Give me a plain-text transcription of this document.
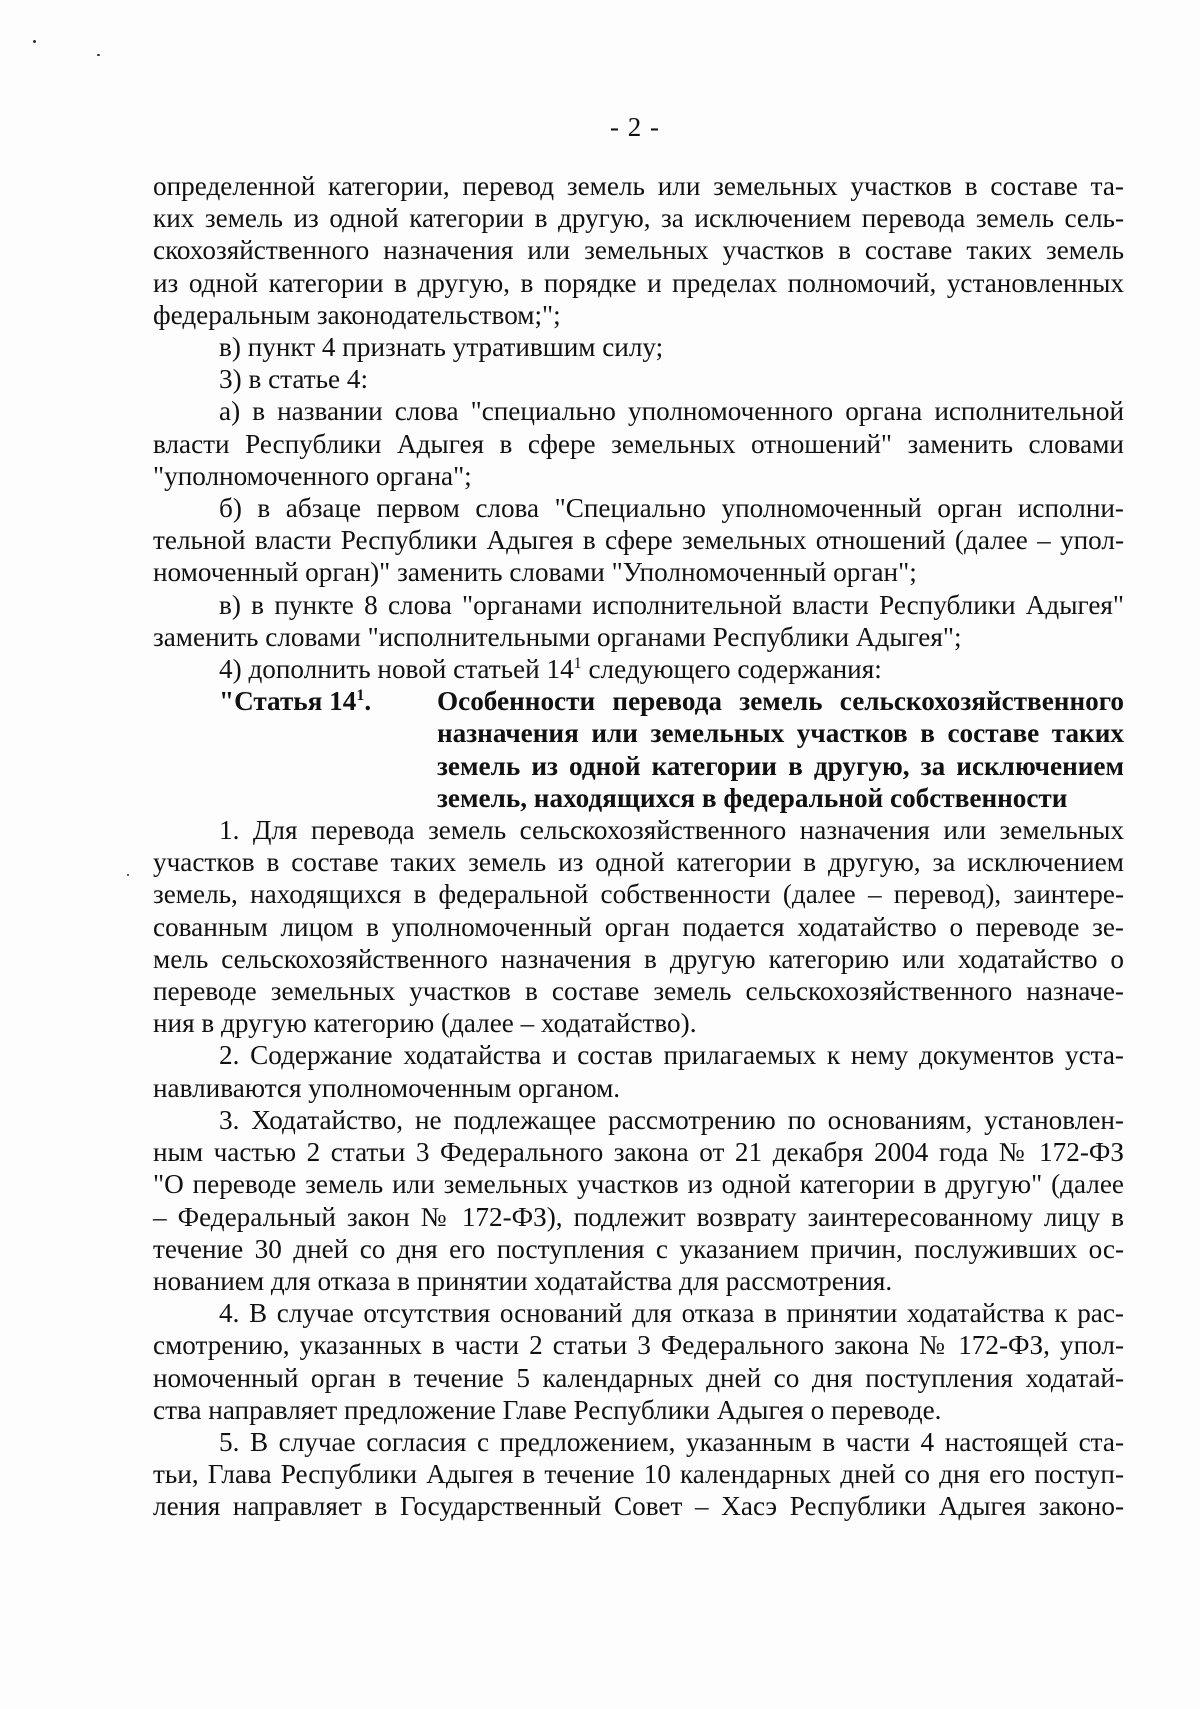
- 2 -

определенной категории, перевод земель или земельных участков в составе та-

ких земель из одной категории в другую, за исключением перевода земель сель-

скохозяйственного назначения или земельных участков в составе таких земель

из одной категории в другую, в порядке и пределах полномочий, установленных

федеральным законодательством;";

в) пункт 4 признать утратившим силу;

3) в статье 4:

а) в названии слова "специально уполномоченного органа исполнительной

власти Республики Адыгея в сфере земельных отношений" заменить словами

"уполномоченного органа";

б) в абзаце первом слова "Специально уполномоченный орган исполни-

тельной власти Республики Адыгея в сфере земельных отношений (далее – упол-

номоченный орган)" заменить словами "Уполномоченный орган";

в) в пункте 8 слова "органами исполнительной власти Республики Адыгея"

заменить словами "исполнительными органами Республики Адыгея";

4) дополнить новой статьей $14^1$ следующего содержания:

"Статья $14^1$.	Особенности перевода земель сельскохозяйственного

назначения или земельных участков в составе таких

земель из одной категории в другую, за исключением

земель, находящихся в федеральной собственности

1. Для перевода земель сельскохозяйственного назначения или земельных

участков в составе таких земель из одной категории в другую, за исключением

земель, находящихся в федеральной собственности (далее – перевод), заинтере-

сованным лицом в уполномоченный орган подается ходатайство о переводе зе-

мель сельскохозяйственного назначения в другую категорию или ходатайство о

переводе земельных участков в составе земель сельскохозяйственного назначе-

ния в другую категорию (далее – ходатайство).

2. Содержание ходатайства и состав прилагаемых к нему документов уста-

навливаются уполномоченным органом.

3. Ходатайство, не подлежащее рассмотрению по основаниям, установлен-

ным частью 2 статьи 3 Федерального закона от 21 декабря 2004 года № 172-ФЗ

"О переводе земель или земельных участков из одной категории в другую" (далее

– Федеральный закон № 172-ФЗ), подлежит возврату заинтересованному лицу в

течение 30 дней со дня его поступления с указанием причин, послуживших ос-

нованием для отказа в принятии ходатайства для рассмотрения.

4. В случае отсутствия оснований для отказа в принятии ходатайства к рас-

смотрению, указанных в части 2 статьи 3 Федерального закона № 172-ФЗ, упол-

номоченный орган в течение 5 календарных дней со дня поступления ходатай-

ства направляет предложение Главе Республики Адыгея о переводе.

5. В случае согласия с предложением, указанным в части 4 настоящей ста-

тьи, Глава Республики Адыгея в течение 10 календарных дней со дня его поступ-

ления направляет в Государственный Совет – Хасэ Республики Адыгея законо-
